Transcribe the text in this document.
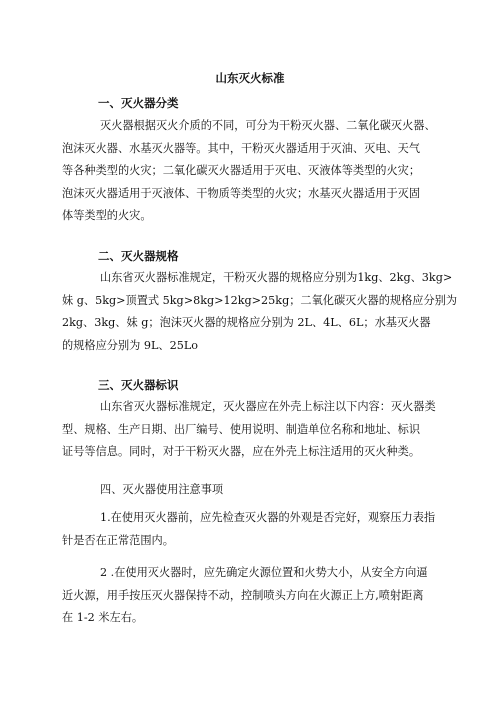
山东灭火标准
一、灭火器分类
灭火器根据灭火介质的不同，可分为干粉灭火器、二氧化碳灭火器、
泡沫灭火器、水基灭火器等。其中，干粉灭火器适用于灭油、灭电、天气
等各种类型的火灾；二氧化碳灭火器适用于灭电、灭液体等类型的火灾；
泡沫灭火器适用于灭液体、干物质等类型的火灾；水基灭火器适用于灭固
体等类型的火灾。
二、灭火器规格
山东省灭火器标准规定，干粉灭火器的规格应分别为1kg、2kg、3kg>
妹 g、5kg>顶置式 5kg>8kg>12kg>25kg；二氧化碳灭火器的规格应分别为
2kg、3kg、妹 g；泡沫灭火器的规格应分别为 2L、4L、6L；水基灭火器
的规格应分别为 9L、25Lo
三、灭火器标识
山东省灭火器标准规定，灭火器应在外壳上标注以下内容：灭火器类
型、规格、生产日期、出厂编号、使用说明、制造单位名称和地址、标识
证号等信息。同时，对于干粉灭火器，应在外壳上标注适用的灭火种类。
四、灭火器使用注意事项
1.在使用灭火器前，应先检查灭火器的外观是否完好，观察压力表指
针是否在正常范围内。
2 .在使用灭火器时，应先确定火源位置和火势大小，从安全方向逼
近火源，用手按压灭火器保持不动，控制喷头方向在火源正上方,喷射距离
在 1-2 米左右。
